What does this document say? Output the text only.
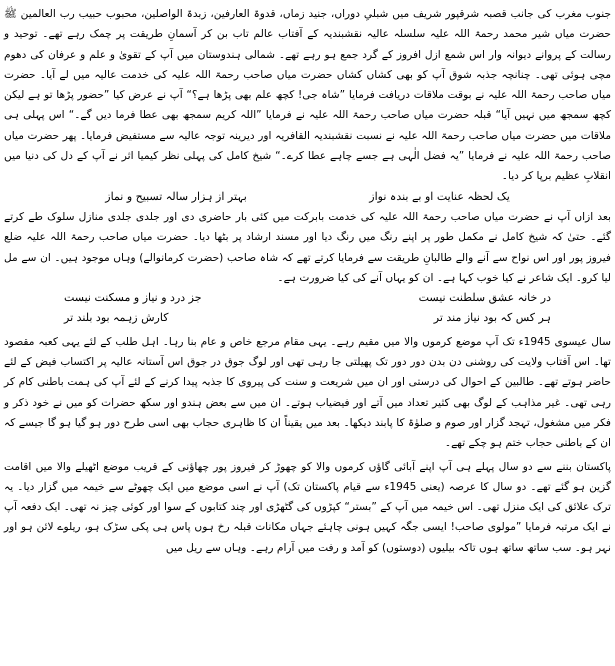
جنوب مغرب کی جانب قصبہ شرقپور شریف میں شبلیِ دوراں، جنید زماں، قدوۃ العارفین، زبدۃ الواصلین، محبوب حبیب رب العالمین ﷺ حضرت میاں شیر محمد رحمۃ اللہ علیہ سلسلہ عالیہ نقشبندیہ کے آفتاب عالم تاب بن کر آسمانِ طریقت پر چمک رہے تھے۔ توحید و رسالت کے پروانے دیوانہ وار اس شمع ازل افروز کے گرد جمع ہو رہے تھے۔ شمالی ہندوستان میں آپ کے تقویٰ و علم و عرفان کی دھوم مچی ہوئی تھی۔ چنانچہ جذبہ شوق آپ کو بھی کشاں کشاں حضرت میاں صاحب رحمۃ اللہ علیہ کی خدمت عالیہ میں لے آیا۔ حضرت میاں صاحب رحمۃ اللہ علیہ نے بوقت ملاقات دریافت فرمایا ”شاہ جی! کچھ علم بھی پڑھا ہے؟“ آپ نے عرض کیا ”حضور پڑھا تو ہے لیکن کچھ سمجھ میں نہیں آیا“ قبلہ حضرت میاں صاحب رحمۃ اللہ علیہ نے فرمایا ”اللہ کریم سمجھ بھی عطا فرما دیں گے۔“ اس پہلی ہی ملاقات میں حضرت میاں صاحب رحمۃ اللہ علیہ نے نسبت نقشبندیہ القافریہ اور دیرینہ توجہ عالیہ سے مستفیض فرمایا۔ پھر حضرت میاں صاحب رحمۃ اللہ علیہ نے فرمایا ”یہ فضل الٰہی ہے جسے چاہے عطا کرے۔“ شیخ کامل کی پہلی نظر کیمیا اثر نے آپ کے دل کی دنیا میں انقلابِ عظیم برپا کر دیا۔

یک لحظہ عنایت او بے بندہ نواز
بہتر از ہزار سالہ تسبیح و نماز

بعد ازاں آپ نے حضرت میاں صاحب رحمۃ اللہ علیہ کی خدمت بابرکت میں کئی بار حاضری دی اور جلدی جلدی منازل سلوک طے کرتے گئے۔ حتیٰ کہ شیخ کامل نے مکمل طور پر اپنے رنگ میں رنگ دیا اور مسند ارشاد پر بٹھا دیا۔ حضرت میاں صاحب رحمۃ اللہ علیہ ضلع فیروز پور اور اس نواح سے آنے والے طالبانِ طریقت سے فرمایا کرتے تھے کہ شاہ صاحب (حضرت کرمانوالے) وہاں موجود ہیں۔ ان سے مل لیا کرو۔ ایک شاعر نے کیا خوب کہا ہے۔ ان کو یہاں آنے کی کیا ضرورت ہے۔

در خانہ عشق سلطنت نیست
جز درد و نیاز و مسکنت نیست
ہر کس کہ بود نیاز مند تر
کارش زہمہ بود بلند تر

سال عیسوی 1945ء تک آپ موضع کرموں والا میں مقیم رہے۔ یہی مقام مرجع خاص و عام بنا رہا۔ اہل طلب کے لئے یہی کعبہ مقصود تھا۔ اس آفتاب ولایت کی روشنی دن بدن دور دور تک پھیلتی جا رہی تھی اور لوگ جوق در جوق اس آستانہ عالیہ پر اکتساب فیض کے لئے حاضر ہوتے تھے۔ طالبین کے احوال کی درستی اور ان میں شریعت و سنت کی پیروی کا جذبہ پیدا کرنے کے لئے آپ کی ہمت باطنی کام کر رہی تھی۔ غیر مذاہب کے لوگ بھی کثیر تعداد میں آتے اور فیضیاب ہوتے۔ ان میں سے بعض ہندو اور سکھ حضرات کو میں نے خود ذکر و فکر میں مشغول، تہجد گزار اور صوم و صلوٰۃ کا پابند دیکھا۔ بعد میں یقیناً ان کا ظاہری حجاب بھی اسی طرح دور ہو گیا ہو گا جیسے کہ ان کے باطنی حجاب ختم ہو چکے تھے۔

پاکستان بننے سے دو سال پہلے ہی آپ اپنے آبائی گاؤں کرموں والا کو چھوڑ کر فیروز پور چھاؤنی کے قریب موضع اٹھیلے والا میں اقامت گزین ہو گئے تھے۔ دو سال کا عرصہ (یعنی 1945ء سے قیام پاکستان تک) آپ نے اسی موضع میں ایک چھوٹے سے خیمہ میں گزار دیا۔ یہ ترک علائق کی ایک منزل تھی۔ اس خیمہ میں آپ کے ”بستر“ کپڑوں کی گٹھڑی اور چند کتابوں کے سوا اور کوئی چیز نہ تھی۔ ایک دفعہ آپ نے ایک مرتبہ فرمایا ”مولوی صاحب! ایسی جگہ کہیں ہونی چاہئے جہاں مکانات قبلہ رخ ہوں پاس ہی پکی سڑک ہو، ریلوے لائن ہو اور نہر ہو۔ سب ساتھ ساتھ ہوں تاکہ بیلیوں (دوستوں) کو آمد و رفت میں آرام رہے۔ وہاں سے ریل میں
